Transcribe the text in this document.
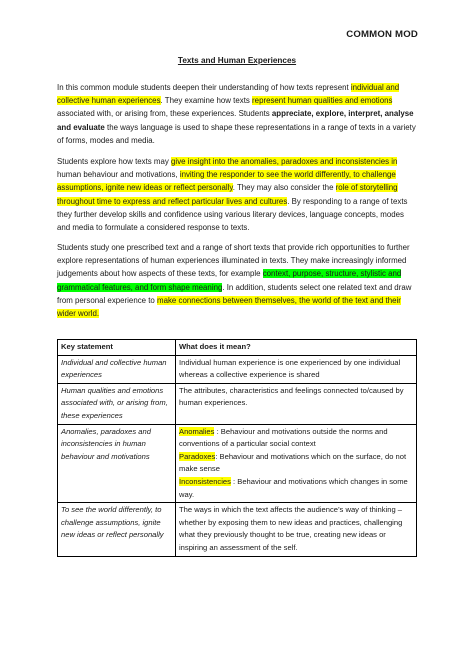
COMMON MOD
Texts and Human Experiences

In this common module students deepen their understanding of how texts represent individual and collective human experiences. They examine how texts represent human qualities and emotions associated with, or arising from, these experiences. Students appreciate, explore, interpret, analyse and evaluate the ways language is used to shape these representations in a range of texts in a variety of forms, modes and media.

Students explore how texts may give insight into the anomalies, paradoxes and inconsistencies in human behaviour and motivations, inviting the responder to see the world differently, to challenge assumptions, ignite new ideas or reflect personally. They may also consider the role of storytelling throughout time to express and reflect particular lives and cultures. By responding to a range of texts they further develop skills and confidence using various literary devices, language concepts, modes and media to formulate a considered response to texts.

Students study one prescribed text and a range of short texts that provide rich opportunities to further explore representations of human experiences illuminated in texts. They make increasingly informed judgements about how aspects of these texts, for example context, purpose, structure, stylistic and grammatical features, and form shape meaning. In addition, students select one related text and draw from personal experience to make connections between themselves, the world of the text and their wider world.

Key statement	What does it mean?
Individual and collective human experiences	Individual human experience is one experienced by one individual whereas a collective experience is shared
Human qualities and emotions associated with, or arising from, these experiences	The attributes, characteristics and feelings connected to/caused by human experiences.
Anomalies, paradoxes and inconsistencies in human behaviour and motivations	Anomalies : Behaviour and motivations outside the norms and conventions of a particular social context
Paradoxes: Behaviour and motivations which on the surface, do not make sense
Inconsistencies : Behaviour and motivations which changes in some way.

To see the world differently, to challenge assumptions, ignite new ideas or reflect personally	The ways in which the text affects the audience’s way of thinking – whether by exposing them to new ideas and practices, challenging what they previously thought to be true, creating new ideas or inspiring an assessment of the self.
